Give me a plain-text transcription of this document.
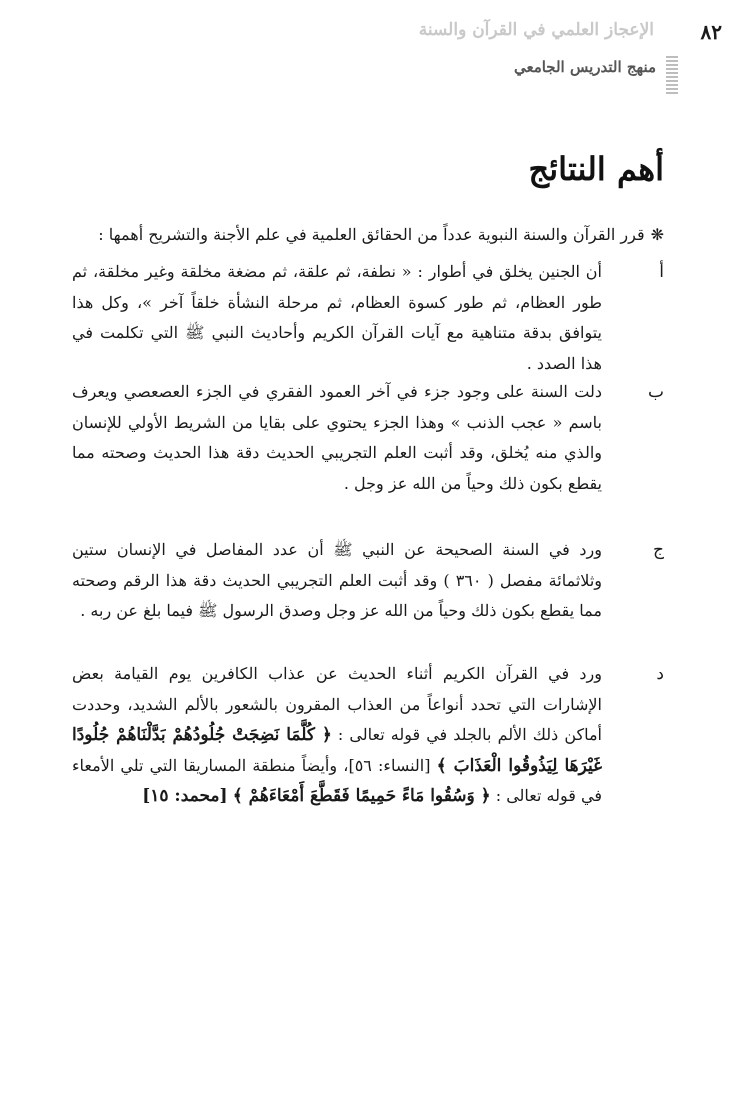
٨٢
الإعجاز العلمي في القرآن والسنة
منهج التدريس الجامعي
أهم النتائج
❋قرر القرآن والسنة النبوية عدداً من الحقائق العلمية في علم الأجنة والتشريح أهمها :
أ
أن الجنين يخلق في أطوار : « نطفة، ثم علقة، ثم مضغة مخلقة وغير مخلقة، ثم طور العظام، ثم طور كسوة العظام، ثم مرحلة النشأة خلقاً آخر »، وكل هذا يتوافق بدقة متناهية مع آيات القرآن الكريم وأحاديث النبي ﷺ التي تكلمت في هذا الصدد .
ب
دلت السنة على وجود جزء في آخر العمود الفقري في الجزء العصعصي ويعرف باسم « عجب الذنب » وهذا الجزء يحتوي على بقايا من الشريط الأولي للإنسان والذي منه يُخلق، وقد أثبت العلم التجريبي الحديث دقة هذا الحديث وصحته مما يقطع بكون ذلك وحياً من الله عز وجل .
ج
ورد في السنة الصحيحة عن النبي ﷺ أن عدد المفاصل في الإنسان ستين وثلاثمائة مفصل ( ٣٦٠ ) وقد أثبت العلم التجريبي الحديث دقة هذا الرقم وصحته مما يقطع بكون ذلك وحياً من الله عز وجل وصدق الرسول ﷺ فيما بلغ عن ربه .
د
ورد في القرآن الكريم أثناء الحديث عن عذاب الكافرين يوم القيامة بعض الإشارات التي تحدد أنواعاً من العذاب المقرون بالشعور بالألم الشديد، وحددت أماكن ذلك الألم بالجلد في قوله تعالى : ﴿ كُلَّمَا نَضِجَتْ جُلُودُهُمْ بَدَّلْنَاهُمْ جُلُودًا غَيْرَهَا لِيَذُوقُوا الْعَذَابَ ﴾ [النساء: ٥٦]، وأيضاً منطقة المساريقا التي تلي الأمعاء في قوله تعالى : ﴿ وَسُقُوا مَاءً حَمِيمًا فَقَطَّعَ أَمْعَاءَهُمْ ﴾ [محمد: ١٥]
